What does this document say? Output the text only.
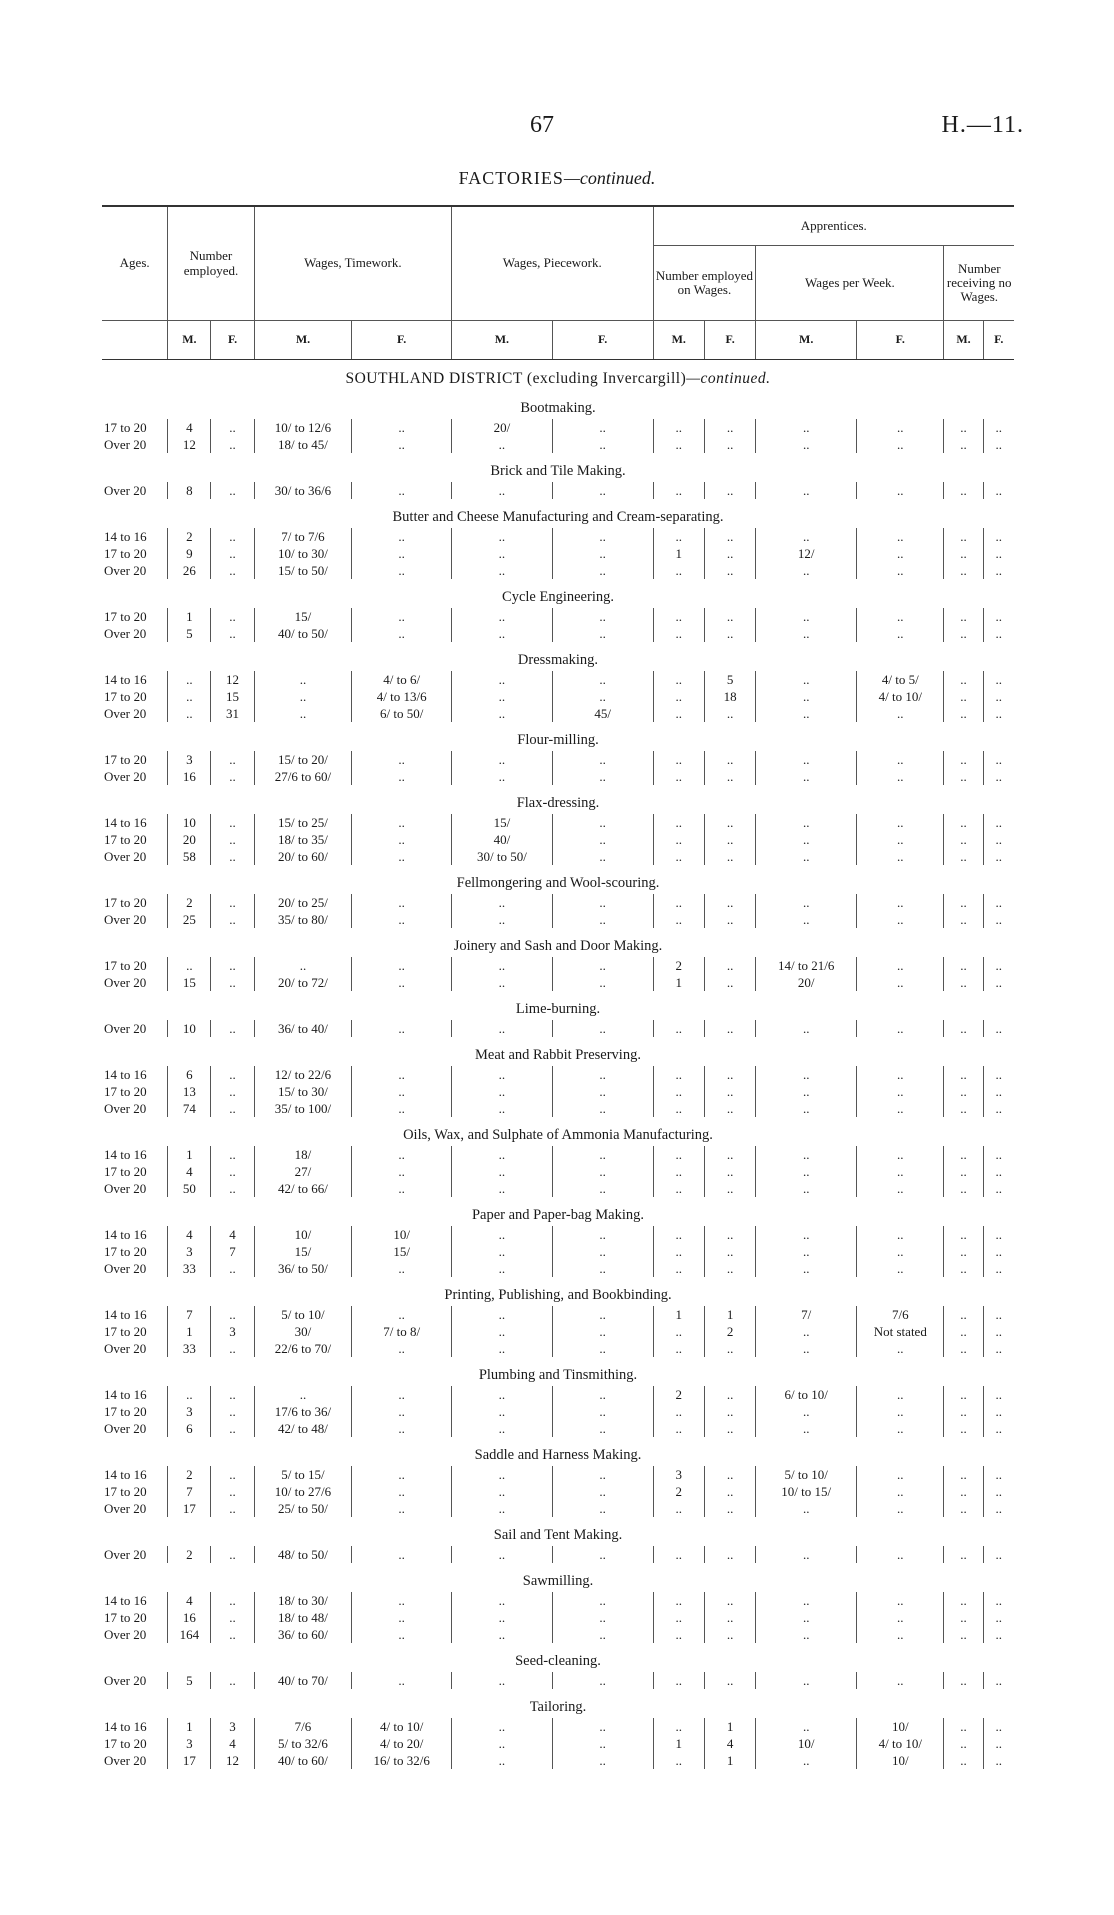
67	H.—11.
FACTORIES—continued.
Ages.	Number employed.		Wages, Timework.		Wages, Piecework.		Apprentices.					
							Number employed on Wages.		Wages per Week.		Number receiving no Wages.	
	M.	F.	M.	F.	M.	F.	M.	F.	M.	F.	M.	F.
SOUTHLAND DISTRICT (excluding Invercargill)—continued.												
Bootmaking.												
17 to 20	4	..	10/ to 12/6	..	20/	..	..	..	..	..	..	..
Over 20	12	..	18/ to 45/	..	..	..	..	..	..	..	..	..
Brick and Tile Making.												
Over 20	8	..	30/ to 36/6	..	..	..	..	..	..	..	..	..
Butter and Cheese Manufacturing and Cream-separating.												
14 to 16	2	..	7/ to 7/6	..	..	..	..	..	..	..	..	..
17 to 20	9	..	10/ to 30/	..	..	..	1	..	12/	..	..	..
Over 20	26	..	15/ to 50/	..	..	..	..	..	..	..	..	..
Cycle Engineering.												
17 to 20	1	..	15/	..	..	..	..	..	..	..	..	..
Over 20	5	..	40/ to 50/	..	..	..	..	..	..	..	..	..
Dressmaking.												
14 to 16	..	12	..	4/ to 6/	..	..	..	5	..	4/ to 5/	..	..
17 to 20	..	15	..	4/ to 13/6	..	..	..	18	..	4/ to 10/	..	..
Over 20	..	31	..	6/ to 50/	..	45/	..	..	..	..	..	..
Flour-milling.												
17 to 20	3	..	15/ to 20/	..	..	..	..	..	..	..	..	..
Over 20	16	..	27/6 to 60/	..	..	..	..	..	..	..	..	..
Flax-dressing.												
14 to 16	10	..	15/ to 25/	..	15/	..	..	..	..	..	..	..
17 to 20	20	..	18/ to 35/	..	40/	..	..	..	..	..	..	..
Over 20	58	..	20/ to 60/	..	30/ to 50/	..	..	..	..	..	..	..
Fellmongering and Wool-scouring.												
17 to 20	2	..	20/ to 25/	..	..	..	..	..	..	..	..	..
Over 20	25	..	35/ to 80/	..	..	..	..	..	..	..	..	..
Joinery and Sash and Door Making.												
17 to 20	..	..	..	..	..	..	2	..	14/ to 21/6	..	..	..
Over 20	15	..	20/ to 72/	..	..	..	1	..	20/	..	..	..
Lime-burning.												
Over 20	10	..	36/ to 40/	..	..	..	..	..	..	..	..	..
Meat and Rabbit Preserving.												
14 to 16	6	..	12/ to 22/6	..	..	..	..	..	..	..	..	..
17 to 20	13	..	15/ to 30/	..	..	..	..	..	..	..	..	..
Over 20	74	..	35/ to 100/	..	..	..	..	..	..	..	..	..
Oils, Wax, and Sulphate of Ammonia Manufacturing.												
14 to 16	1	..	18/	..	..	..	..	..	..	..	..	..
17 to 20	4	..	27/	..	..	..	..	..	..	..	..	..
Over 20	50	..	42/ to 66/	..	..	..	..	..	..	..	..	..
Paper and Paper-bag Making.												
14 to 16	4	4	10/	10/	..	..	..	..	..	..	..	..
17 to 20	3	7	15/	15/	..	..	..	..	..	..	..	..
Over 20	33	..	36/ to 50/	..	..	..	..	..	..	..	..	..
Printing, Publishing, and Bookbinding.												
14 to 16	7	..	5/ to 10/	..	..	..	1	1	7/	7/6	..	..
17 to 20	1	3	30/	7/ to 8/	..	..	..	2	..	Not stated	..	..
Over 20	33	..	22/6 to 70/	..	..	..	..	..	..	..	..	..
Plumbing and Tinsmithing.												
14 to 16	..	..	..	..	..	..	2	..	6/ to 10/	..	..	..
17 to 20	3	..	17/6 to 36/	..	..	..	..	..	..	..	..	..
Over 20	6	..	42/ to 48/	..	..	..	..	..	..	..	..	..
Saddle and Harness Making.												
14 to 16	2	..	5/ to 15/	..	..	..	3	..	5/ to 10/	..	..	..
17 to 20	7	..	10/ to 27/6	..	..	..	2	..	10/ to 15/	..	..	..
Over 20	17	..	25/ to 50/	..	..	..	..	..	..	..	..	..
Sail and Tent Making.												
Over 20	2	..	48/ to 50/	..	..	..	..	..	..	..	..	..
Sawmilling.												
14 to 16	4	..	18/ to 30/	..	..	..	..	..	..	..	..	..
17 to 20	16	..	18/ to 48/	..	..	..	..	..	..	..	..	..
Over 20	164	..	36/ to 60/	..	..	..	..	..	..	..	..	..
Seed-cleaning.												
Over 20	5	..	40/ to 70/	..	..	..	..	..	..	..	..	..
Tailoring.												
14 to 16	1	3	7/6	4/ to 10/	..	..	..	1	..	10/	..	..
17 to 20	3	4	5/ to 32/6	4/ to 20/	..	..	1	4	10/	4/ to 10/	..	..
Over 20	17	12	40/ to 60/	16/ to 32/6	..	..	..	1	..	10/	..	..
